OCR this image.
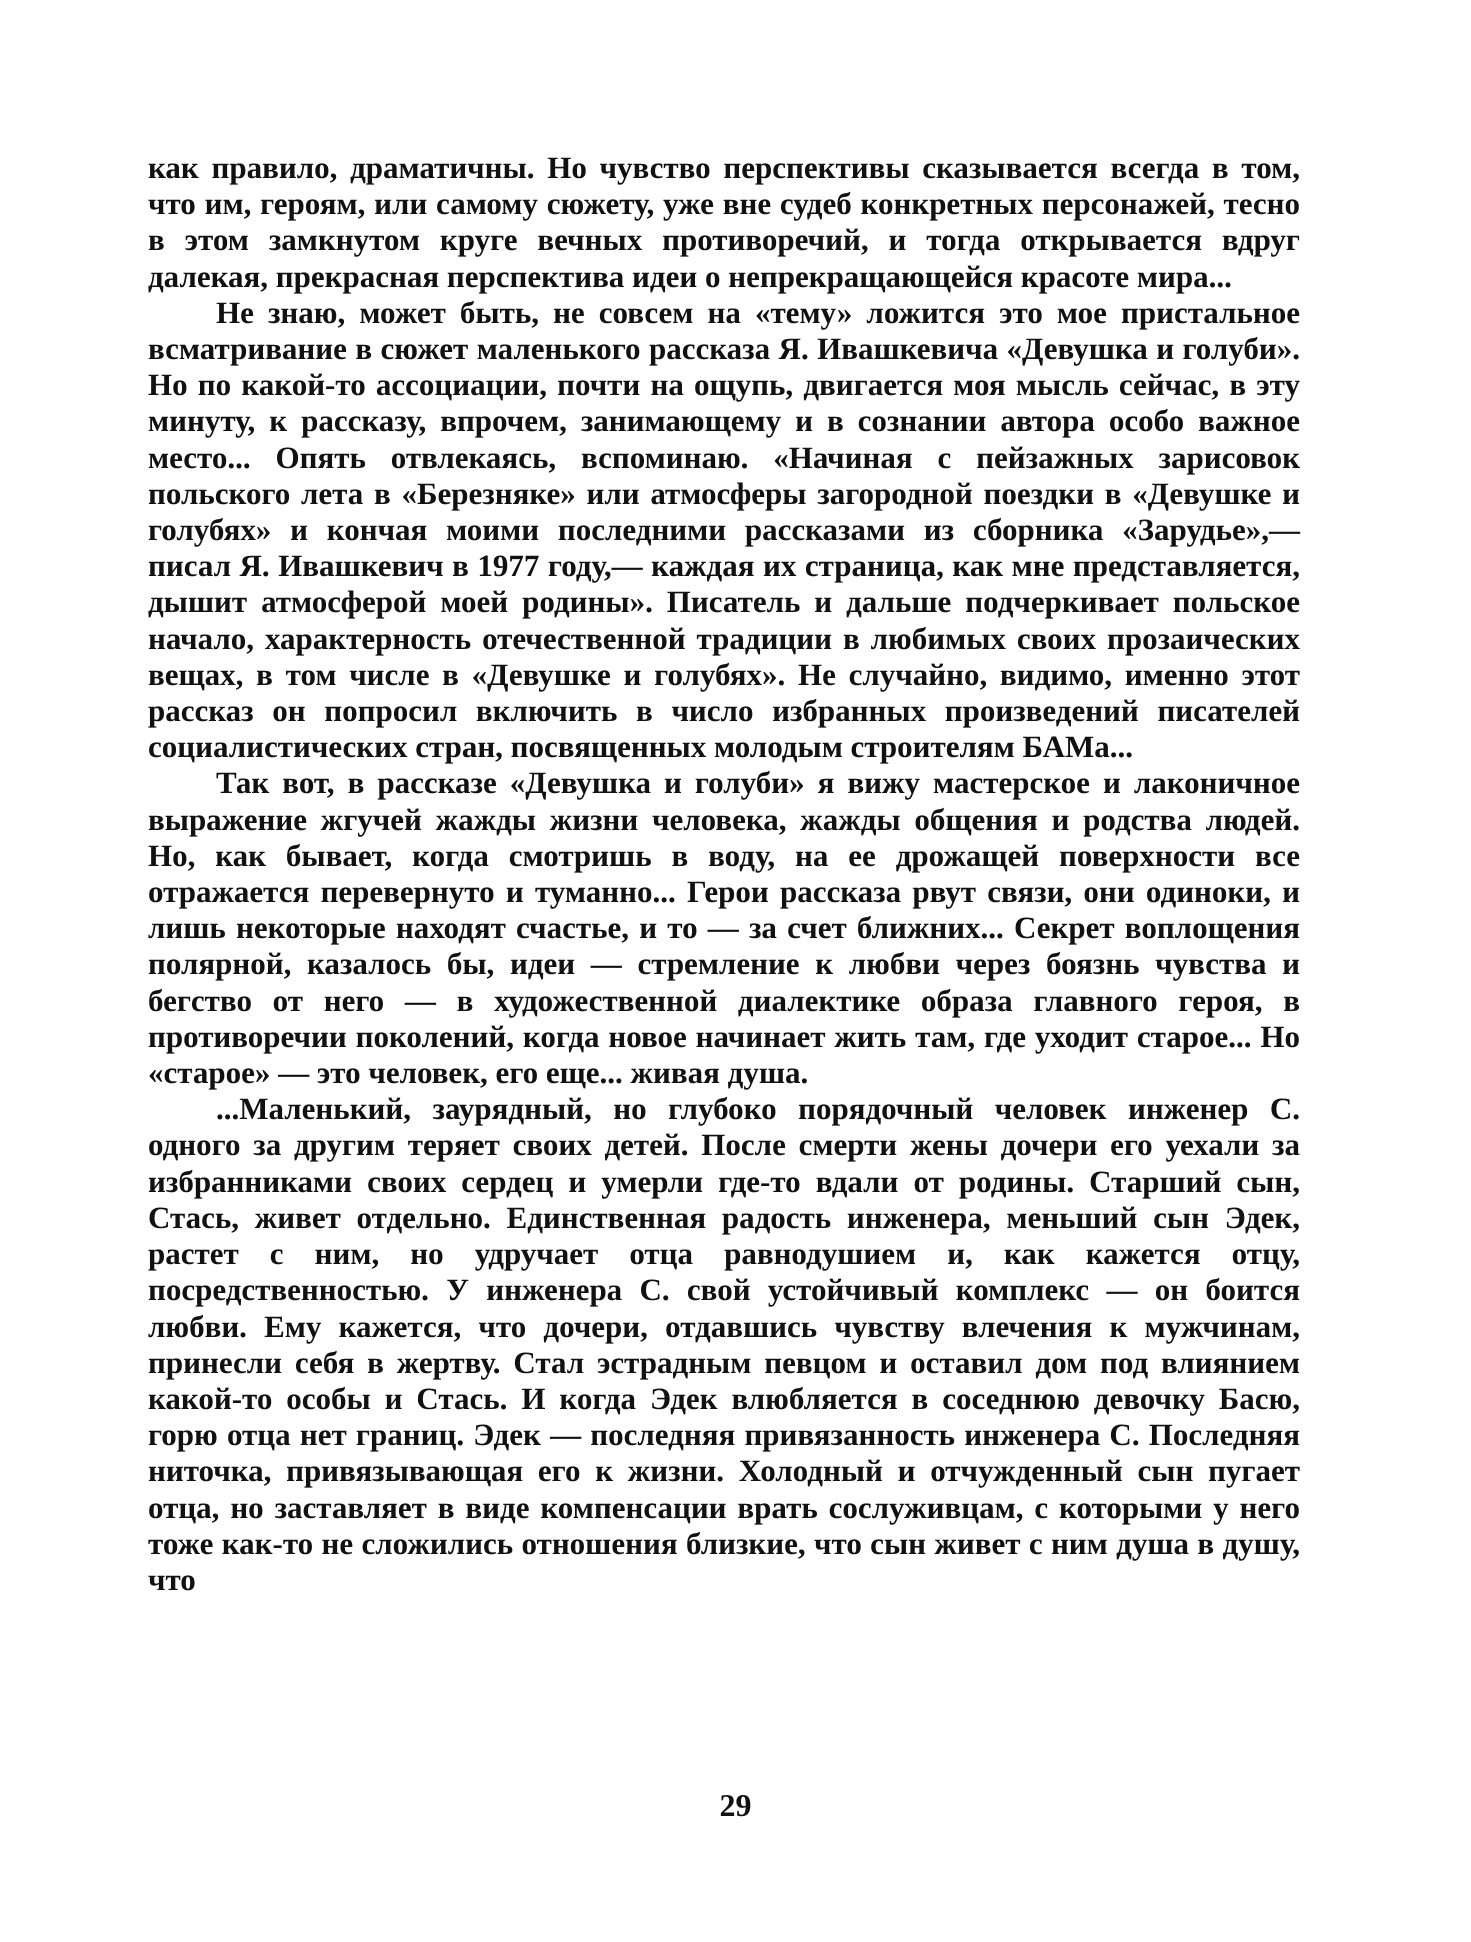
как правило, драматичны. Но чувство перспективы сказывается всегда в том, что им, героям, или самому сюжету, уже вне судеб конкретных персонажей, тесно в этом замкнутом круге вечных противоречий, и тогда открывается вдруг далекая, прекрасная перспектива идеи о непрекращающейся красоте мира...

Не знаю, может быть, не совсем на «тему» ложится это мое пристальное всматривание в сюжет маленького рассказа Я. Ивашкевича «Девушка и голуби». Но по какой-то ассоциации, почти на ощупь, двигается моя мысль сейчас, в эту минуту, к рассказу, впрочем, занимающему и в сознании автора особо важное место... Опять отвлекаясь, вспоминаю. «Начиная с пейзажных зарисовок польского лета в «Березняке» или атмосферы загородной поездки в «Девушке и голубях» и кончая моими последними рассказами из сборника «Зарудье»,— писал Я. Ивашкевич в 1977 году,— каждая их страница, как мне представляется, дышит атмосферой моей родины». Писатель и дальше подчеркивает польское начало, характерность отечественной традиции в любимых своих прозаических вещах, в том числе в «Девушке и голубях». Не случайно, видимо, именно этот рассказ он попросил включить в число избранных произведений писателей социалистических стран, посвященных молодым строителям БАМа...

Так вот, в рассказе «Девушка и голуби» я вижу мастерское и лаконичное выражение жгучей жажды жизни человека, жажды общения и родства людей. Но, как бывает, когда смотришь в воду, на ее дрожащей поверхности все отражается перевернуто и туманно... Герои рассказа рвут связи, они одиноки, и лишь некоторые находят счастье, и то — за счет ближних... Секрет воплощения полярной, казалось бы, идеи — стремление к любви через боязнь чувства и бегство от него — в художественной диалектике образа главного героя, в противоречии поколений, когда новое начинает жить там, где уходит старое... Но «старое» — это человек, его еще... живая душа.

...Маленький, заурядный, но глубоко порядочный человек инженер С. одного за другим теряет своих детей. После смерти жены дочери его уехали за избранниками своих сердец и умерли где-то вдали от родины. Старший сын, Стась, живет отдельно. Единственная радость инженера, меньший сын Эдек, растет с ним, но удручает отца равнодушием и, как кажется отцу, посредственностью. У инженера С. свой устойчивый комплекс — он боится любви. Ему кажется, что дочери, отдавшись чувству влечения к мужчинам, принесли себя в жертву. Стал эстрадным певцом и оставил дом под влиянием какой-то особы и Стась. И когда Эдек влюбляется в соседнюю девочку Басю, горю отца нет границ. Эдек — последняя привязанность инженера С. Последняя ниточка, привязывающая его к жизни. Холодный и отчужденный сын пугает отца, но заставляет в виде компенсации врать сослуживцам, с которыми у него тоже как-то не сложились отношения близкие, что сын живет с ним душа в душу, что

29
